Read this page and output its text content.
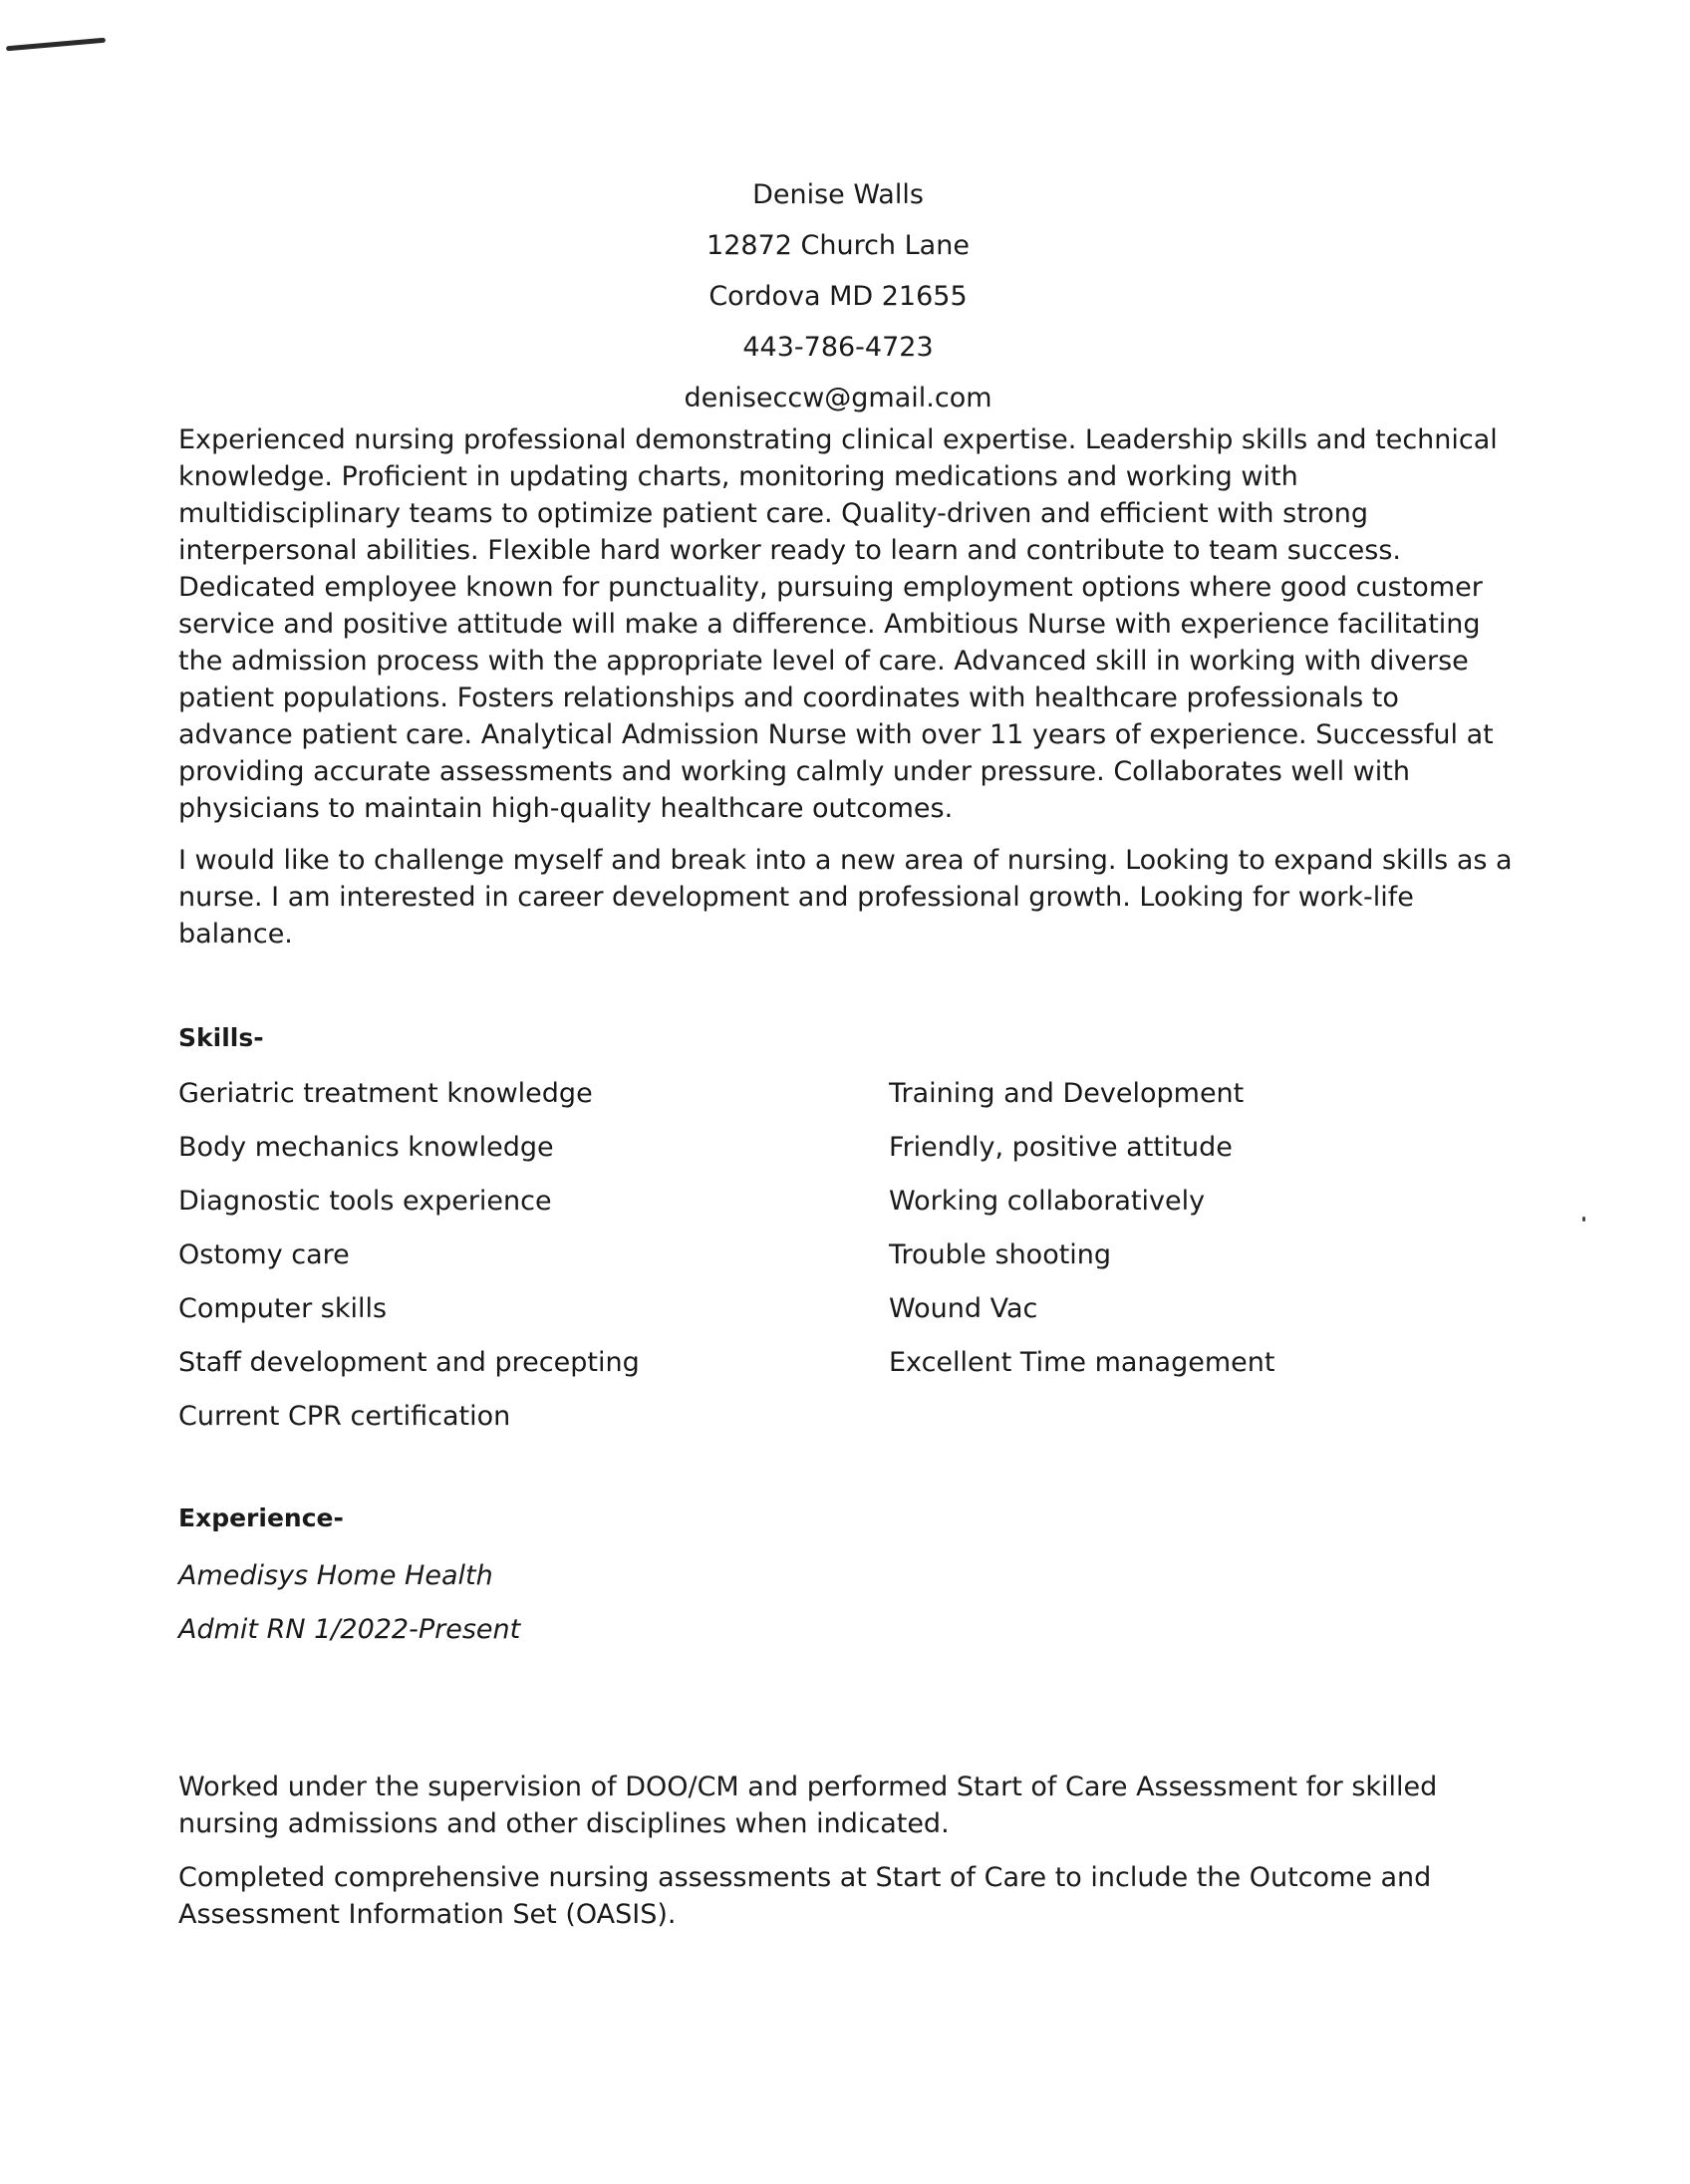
Denise Walls
12872 Church Lane
Cordova MD 21655
443-786-4723
deniseccw@gmail.com

Experienced nursing professional demonstrating clinical expertise. Leadership skills and technical knowledge. Proficient in updating charts, monitoring medications and working with multidisciplinary teams to optimize patient care. Quality-driven and efficient with strong interpersonal abilities. Flexible hard worker ready to learn and contribute to team success. Dedicated employee known for punctuality, pursuing employment options where good customer service and positive attitude will make a difference. Ambitious Nurse with experience facilitating the admission process with the appropriate level of care. Advanced skill in working with diverse patient populations. Fosters relationships and coordinates with healthcare professionals to advance patient care. Analytical Admission Nurse with over 11 years of experience. Successful at providing accurate assessments and working calmly under pressure. Collaborates well with physicians to maintain high-quality healthcare outcomes.

I would like to challenge myself and break into a new area of nursing. Looking to expand skills as a nurse. I am interested in career development and professional growth. Looking for work-life balance.

Skills-
Geriatric treatment knowledge
Body mechanics knowledge
Diagnostic tools experience
Ostomy care
Computer skills
Staff development and precepting
Current CPR certification
Training and Development
Friendly, positive attitude
Working collaboratively
Trouble shooting
Wound Vac
Excellent Time management
Experience-
Amedisys Home Health
Admit RN 1/2022-Present

Worked under the supervision of DOO/CM and performed Start of Care Assessment for skilled nursing admissions and other disciplines when indicated.

Completed comprehensive nursing assessments at Start of Care to include the Outcome and Assessment Information Set (OASIS).
